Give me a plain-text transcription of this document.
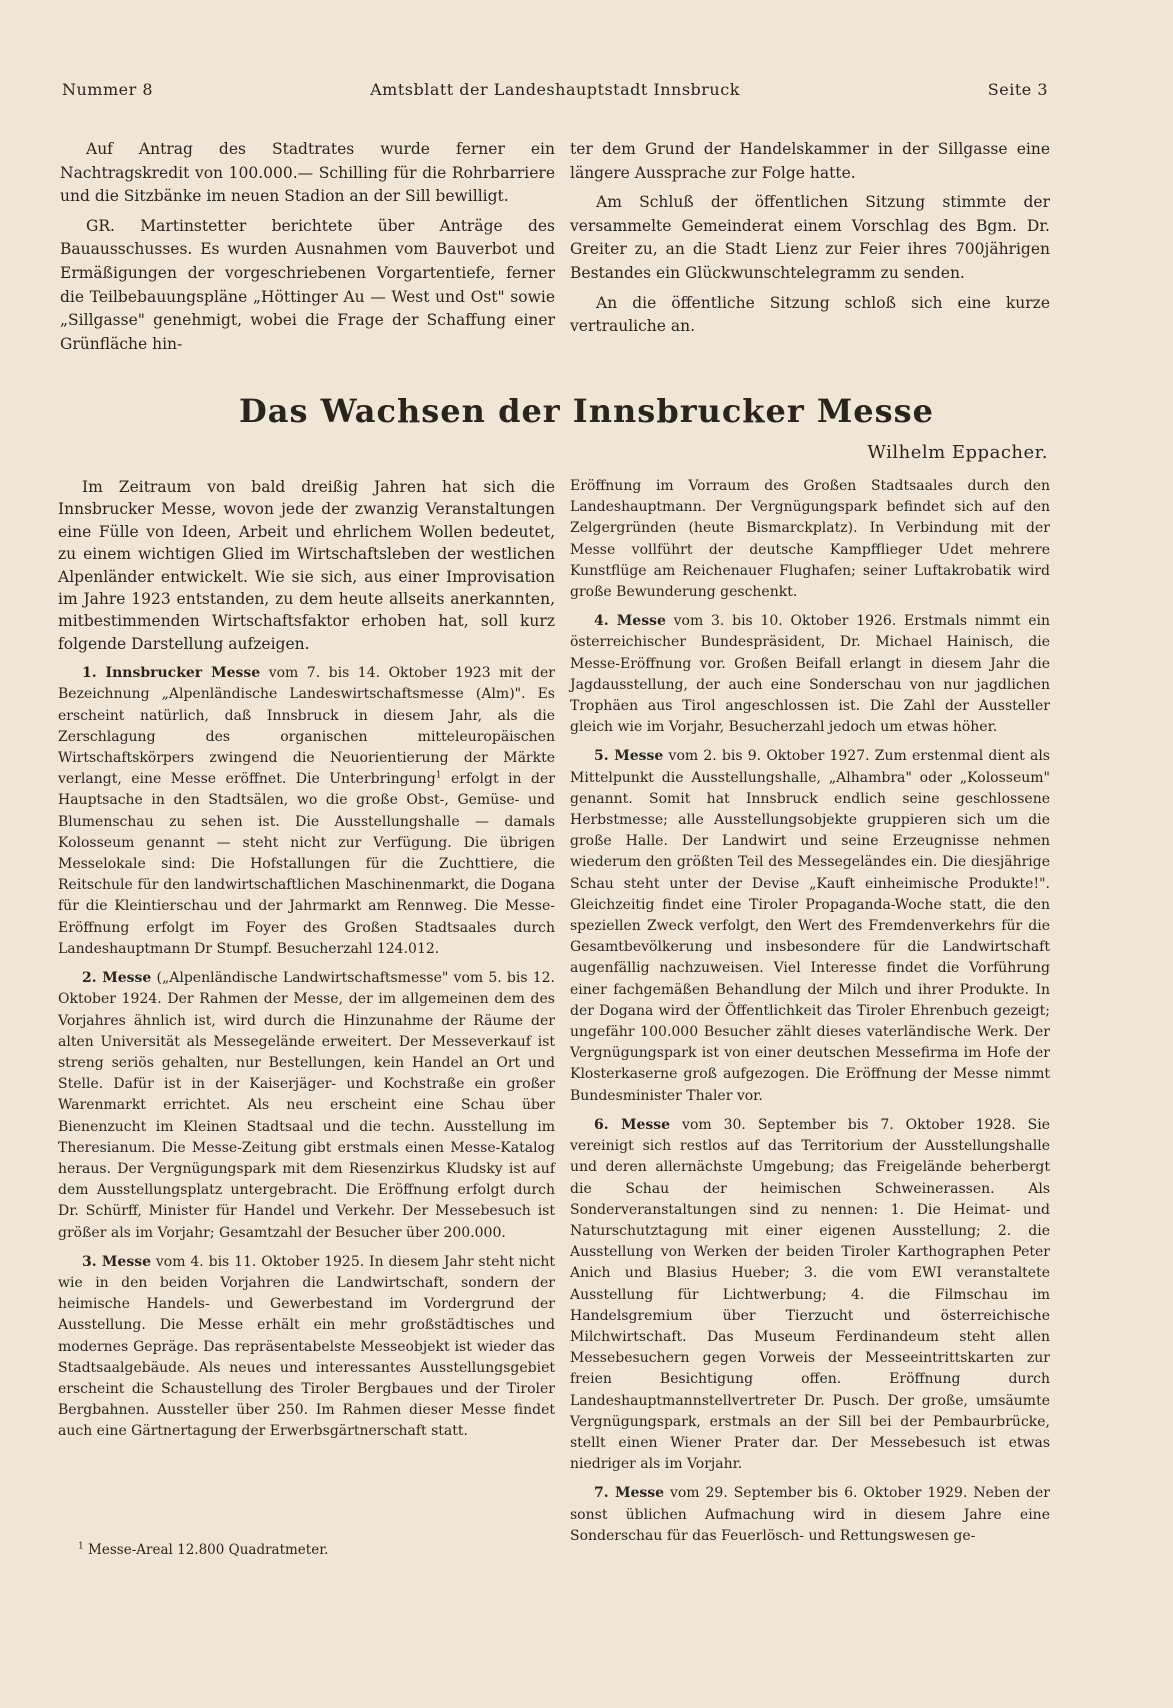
Nummer 8	Amtsblatt der Landeshauptstadt Innsbruck	Seite 3

Auf Antrag des Stadtrates wurde ferner ein Nachtragskredit von 100.000.— Schilling für die Rohrbarriere und die Sitzbänke im neuen Stadion an der Sill bewilligt.

GR. Martinstetter berichtete über Anträge des Bauausschusses. Es wurden Ausnahmen vom Bauverbot und Ermäßigungen der vorgeschriebenen Vorgartentiefe, ferner die Teilbebauungspläne „Höttinger Au — West und Ost" sowie „Sillgasse" genehmigt, wobei die Frage der Schaffung einer Grünfläche hin-

ter dem Grund der Handelskammer in der Sillgasse eine längere Aussprache zur Folge hatte.

Am Schluß der öffentlichen Sitzung stimmte der versammelte Gemeinderat einem Vorschlag des Bgm. Dr. Greiter zu, an die Stadt Lienz zur Feier ihres 700jährigen Bestandes ein Glückwunschtelegramm zu senden.

An die öffentliche Sitzung schloß sich eine kurze vertrauliche an.

Das Wachsen der Innsbrucker Messe
Wilhelm Eppacher.

Im Zeitraum von bald dreißig Jahren hat sich die Innsbrucker Messe, wovon jede der zwanzig Veranstaltungen eine Fülle von Ideen, Arbeit und ehrlichem Wollen bedeutet, zu einem wichtigen Glied im Wirtschaftsleben der westlichen Alpenländer entwickelt. Wie sie sich, aus einer Improvisation im Jahre 1923 entstanden, zu dem heute allseits anerkannten, mitbestimmenden Wirtschaftsfaktor erhoben hat, soll kurz folgende Darstellung aufzeigen.

1. Innsbrucker Messe vom 7. bis 14. Oktober 1923 mit der Bezeichnung „Alpenländische Landeswirtschaftsmesse (Alm)". Es erscheint natürlich, daß Innsbruck in diesem Jahr, als die Zerschlagung des organischen mitteleuropäischen Wirtschaftskörpers zwingend die Neuorientierung der Märkte verlangt, eine Messe eröffnet. Die Unterbringung$^1$ erfolgt in der Hauptsache in den Stadtsälen, wo die große Obst-, Gemüse- und Blumenschau zu sehen ist. Die Ausstellungshalle — damals Kolosseum genannt — steht nicht zur Verfügung. Die übrigen Messelokale sind: Die Hofstallungen für die Zuchttiere, die Reitschule für den landwirtschaftlichen Maschinenmarkt, die Dogana für die Kleintierschau und der Jahrmarkt am Rennweg. Die Messe-Eröffnung erfolgt im Foyer des Großen Stadtsaales durch Landeshauptmann Dr Stumpf. Besucherzahl 124.012.

2. Messe („Alpenländische Landwirtschaftsmesse" vom 5. bis 12. Oktober 1924. Der Rahmen der Messe, der im allgemeinen dem des Vorjahres ähnlich ist, wird durch die Hinzunahme der Räume der alten Universität als Messegelände erweitert. Der Messeverkauf ist streng seriös gehalten, nur Bestellungen, kein Handel an Ort und Stelle. Dafür ist in der Kaiserjäger- und Kochstraße ein großer Warenmarkt errichtet. Als neu erscheint eine Schau über Bienenzucht im Kleinen Stadtsaal und die techn. Ausstellung im Theresianum. Die Messe-Zeitung gibt erstmals einen Messe-Katalog heraus. Der Vergnügungspark mit dem Riesenzirkus Kludsky ist auf dem Ausstellungsplatz untergebracht. Die Eröffnung erfolgt durch Dr. Schürff, Minister für Handel und Verkehr. Der Messebesuch ist größer als im Vorjahr; Gesamtzahl der Besucher über 200.000.

3. Messe vom 4. bis 11. Oktober 1925. In diesem Jahr steht nicht wie in den beiden Vorjahren die Landwirtschaft, sondern der heimische Handels- und Gewerbestand im Vordergrund der Ausstellung. Die Messe erhält ein mehr großstädtisches und modernes Gepräge. Das repräsentabelste Messeobjekt ist wieder das Stadtsaalgebäude. Als neues und interessantes Ausstellungsgebiet erscheint die Schaustellung des Tiroler Bergbaues und der Tiroler Bergbahnen. Aussteller über 250. Im Rahmen dieser Messe findet auch eine Gärtnertagung der Erwerbsgärtnerschaft statt.

$^1$ Messe-Areal 12.800 Quadratmeter.

Eröffnung im Vorraum des Großen Stadtsaales durch den Landeshauptmann. Der Vergnügungspark befindet sich auf den Zelgergründen (heute Bismarckplatz). In Verbindung mit der Messe vollführt der deutsche Kampfflieger Udet mehrere Kunstflüge am Reichenauer Flughafen; seiner Luftakrobatik wird große Bewunderung geschenkt.

4. Messe vom 3. bis 10. Oktober 1926. Erstmals nimmt ein österreichischer Bundespräsident, Dr. Michael Hainisch, die Messe-Eröffnung vor. Großen Beifall erlangt in diesem Jahr die Jagdausstellung, der auch eine Sonderschau von nur jagdlichen Trophäen aus Tirol angeschlossen ist. Die Zahl der Aussteller gleich wie im Vorjahr, Besucherzahl jedoch um etwas höher.

5. Messe vom 2. bis 9. Oktober 1927. Zum erstenmal dient als Mittelpunkt die Ausstellungshalle, „Alhambra" oder „Kolosseum" genannt. Somit hat Innsbruck endlich seine geschlossene Herbstmesse; alle Ausstellungsobjekte gruppieren sich um die große Halle. Der Landwirt und seine Erzeugnisse nehmen wiederum den größten Teil des Messegeländes ein. Die diesjährige Schau steht unter der Devise „Kauft einheimische Produkte!". Gleichzeitig findet eine Tiroler Propaganda-Woche statt, die den speziellen Zweck verfolgt, den Wert des Fremdenverkehrs für die Gesamtbevölkerung und insbesondere für die Landwirtschaft augenfällig nachzuweisen. Viel Interesse findet die Vorführung einer fachgemäßen Behandlung der Milch und ihrer Produkte. In der Dogana wird der Öffentlichkeit das Tiroler Ehrenbuch gezeigt; ungefähr 100.000 Besucher zählt dieses vaterländische Werk. Der Vergnügungspark ist von einer deutschen Messefirma im Hofe der Klosterkaserne groß aufgezogen. Die Eröffnung der Messe nimmt Bundesminister Thaler vor.

6. Messe vom 30. September bis 7. Oktober 1928. Sie vereinigt sich restlos auf das Territorium der Ausstellungshalle und deren allernächste Umgebung; das Freigelände beherbergt die Schau der heimischen Schweinerassen. Als Sonderveranstaltungen sind zu nennen: 1. Die Heimat- und Naturschutztagung mit einer eigenen Ausstellung; 2. die Ausstellung von Werken der beiden Tiroler Karthographen Peter Anich und Blasius Hueber; 3. die vom EWI veranstaltete Ausstellung für Lichtwerbung; 4. die Filmschau im Handelsgremium über Tierzucht und österreichische Milchwirtschaft. Das Museum Ferdinandeum steht allen Messebesuchern gegen Vorweis der Messeeintrittskarten zur freien Besichtigung offen. Eröffnung durch Landeshauptmannstellvertreter Dr. Pusch. Der große, umsäumte Vergnügungspark, erstmals an der Sill bei der Pembaurbrücke, stellt einen Wiener Prater dar. Der Messebesuch ist etwas niedriger als im Vorjahr.

7. Messe vom 29. September bis 6. Oktober 1929. Neben der sonst üblichen Aufmachung wird in diesem Jahre eine Sonderschau für das Feuerlösch- und Rettungswesen ge-
